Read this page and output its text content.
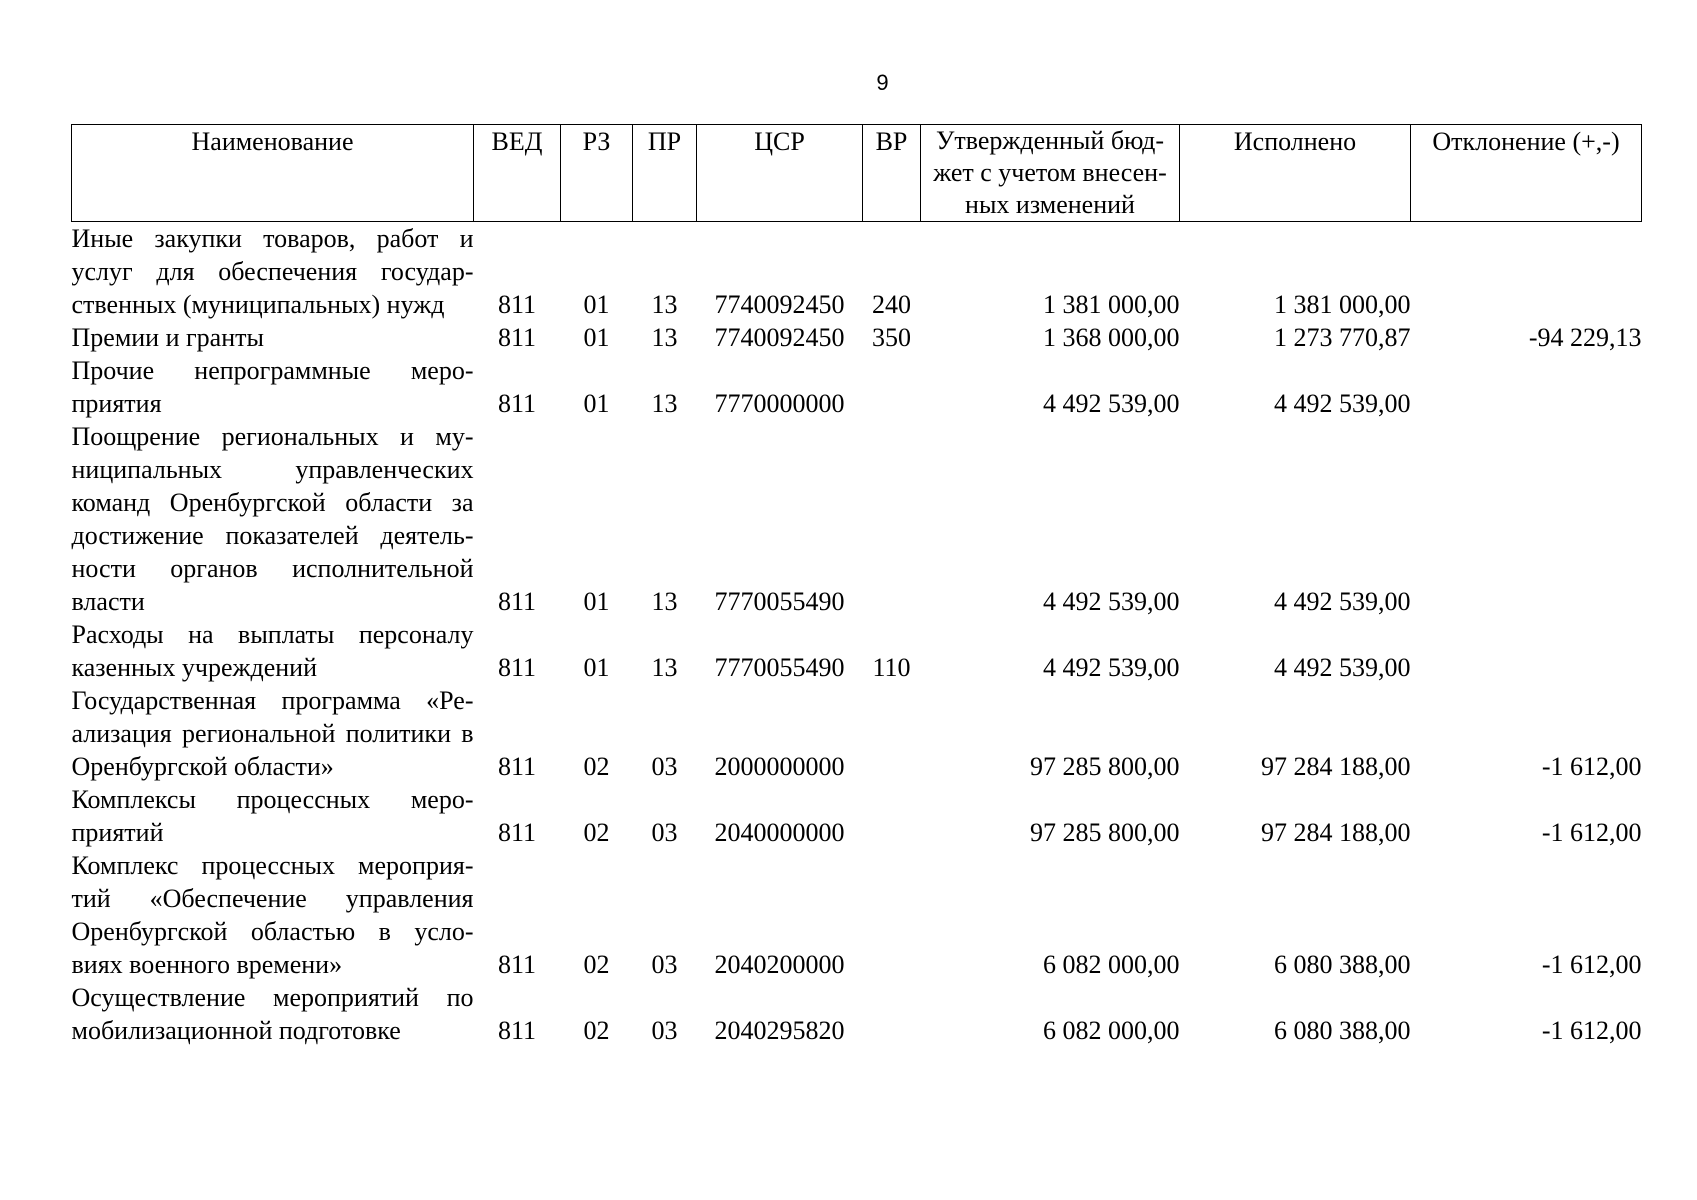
9
Наименование	ВЕД	РЗ	ПР	ЦСР	ВР	Утвержденный бюд-жет с учетом внесен-ных изменений	Исполнено	Отклонение (+,-)
Иные закупки товаров, работ и услуг для обеспечения государ-ственных (муниципальных) нужд	811	01	13	7740092450	240	1 381 000,00	1 381 000,00	
Премии и гранты	811	01	13	7740092450	350	1 368 000,00	1 273 770,87	-94 229,13
Прочие непрограммные меро-приятия	811	01	13	7770000000		4 492 539,00	4 492 539,00	
Поощрение региональных и му-ниципальных управленческих команд Оренбургской области за достижение показателей деятель-ности органов исполнительной власти	811	01	13	7770055490		4 492 539,00	4 492 539,00	
Расходы на выплаты персоналу казенных учреждений	811	01	13	7770055490	110	4 492 539,00	4 492 539,00	
Государственная программа «Ре-ализация региональной политики в Оренбургской области»	811	02	03	2000000000		97 285 800,00	97 284 188,00	-1 612,00
Комплексы процессных меро-приятий	811	02	03	2040000000		97 285 800,00	97 284 188,00	-1 612,00
Комплекс процессных мероприя-тий «Обеспечение управления Оренбургской областью в усло-виях военного времени»	811	02	03	2040200000		6 082 000,00	6 080 388,00	-1 612,00
Осуществление мероприятий по мобилизационной подготовке	811	02	03	2040295820		6 082 000,00	6 080 388,00	-1 612,00
